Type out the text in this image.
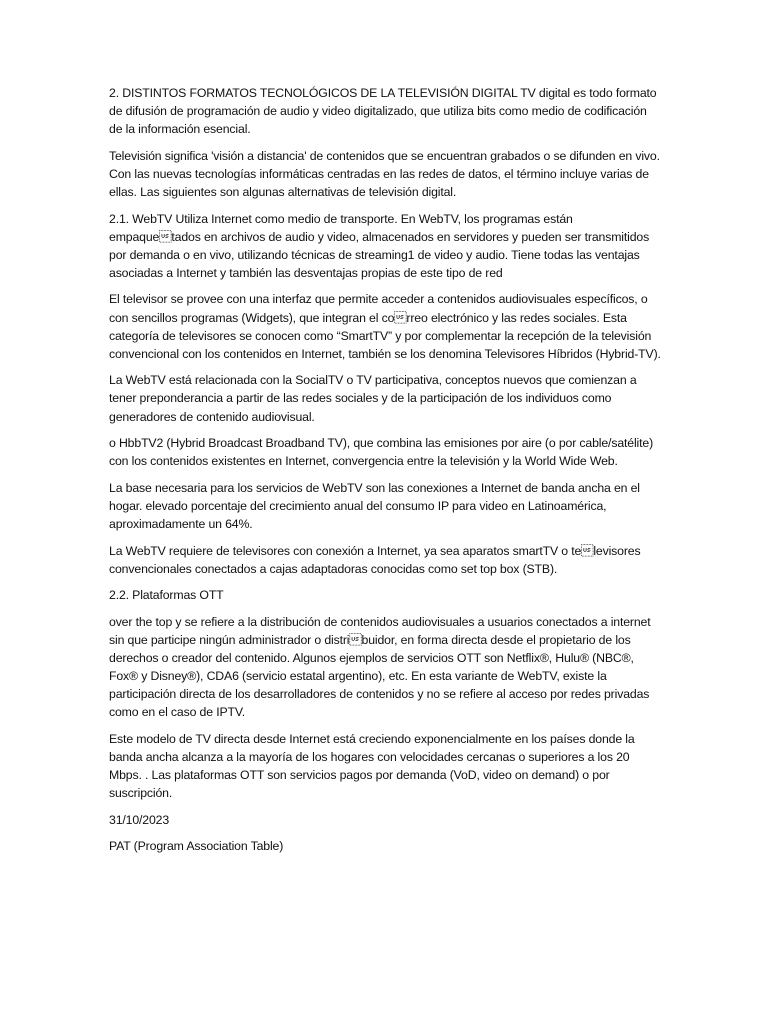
2. DISTINTOS FORMATOS TECNOLÓGICOS DE LA TELEVISIÓN DIGITAL TV digital es todo formato de difusión de programación de audio y video digitalizado, que utiliza bits como medio de codificación de la información esencial.

Televisión significa 'visión a distancia' de contenidos que se encuentran grabados o se difunden en vivo. Con las nuevas tecnologías informáticas centradas en las redes de datos, el término incluye varias de ellas. Las siguientes son algunas alternativas de televisión digital.

2.1. WebTV Utiliza Internet como medio de transporte. En WebTV, los programas están empaquetados en archivos de audio y video, almacenados en servidores y pueden ser transmitidos por demanda o en vivo, utilizando técnicas de streaming1 de video y audio. Tiene todas las ventajas asociadas a Internet y también las desventajas propias de este tipo de red

El televisor se provee con una interfaz que permite acceder a contenidos audiovisuales específicos, o con sencillos programas (Widgets), que integran el correo electrónico y las redes sociales. Esta categoría de televisores se conocen como “SmartTV” y por complementar la recepción de la televisión convencional con los contenidos en Internet, también se los denomina Televisores Híbridos (Hybrid-TV).

La WebTV está relacionada con la SocialTV o TV participativa, conceptos nuevos que comienzan a tener preponderancia a partir de las redes sociales y de la participación de los individuos como generadores de contenido audiovisual.

o HbbTV2 (Hybrid Broadcast Broadband TV), que combina las emisiones por aire (o por cable/satélite) con los contenidos existentes en Internet, convergencia entre la televisión y la World Wide Web.

La base necesaria para los servicios de WebTV son las conexiones a Internet de banda ancha en el hogar. elevado porcentaje del crecimiento anual del consumo IP para video en Latinoamérica, aproximadamente un 64%.

La WebTV requiere de televisores con conexión a Internet, ya sea aparatos smartTV o televisores convencionales conectados a cajas adaptadoras conocidas como set top box (STB).

2.2. Plataformas OTT

over the top y se refiere a la distribución de contenidos audiovisuales a usuarios conectados a internet sin que participe ningún administrador o distribuidor, en forma directa desde el propietario de los derechos o creador del contenido. Algunos ejemplos de servicios OTT son Netflix®, Hulu® (NBC®, Fox® y Disney®), CDA6 (servicio estatal argentino), etc. En esta variante de WebTV, existe la participación directa de los desarrolladores de contenidos y no se refiere al acceso por redes privadas como en el caso de IPTV.

Este modelo de TV directa desde Internet está creciendo exponencialmente en los países donde la banda ancha alcanza a la mayoría de los hogares con velocidades cercanas o superiores a los 20 Mbps. . Las plataformas OTT son servicios pagos por demanda (VoD, video on demand) o por suscripción.

31/10/2023

PAT (Program Association Table)
